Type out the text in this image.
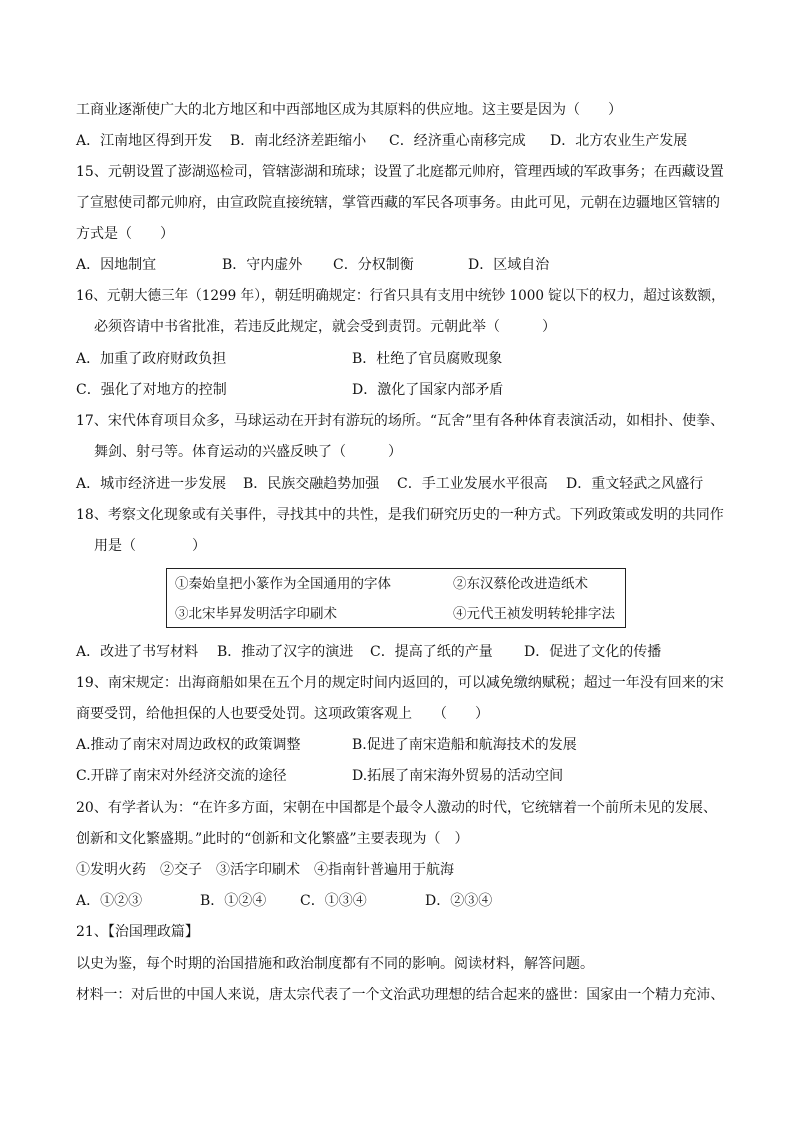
工商业逐渐使广大的北方地区和中西部地区成为其原料的供应地。这主要是因为（　　）
A．江南地区得到开发 B．南北经济差距缩小 C．经济重心南移完成 D．北方农业生产发展
15、元朝设置了澎湖巡检司，管辖澎湖和琉球；设置了北庭都元帅府，管理西域的军政事务；在西藏设置
了宣慰使司都元帅府，由宣政院直接统辖，掌管西藏的军民各项事务。由此可见，元朝在边疆地区管辖的
方式是（　　）
A．因地制宜	B．守内虚外 C．分权制衡	D．区域自治
16、元朝大德三年（1299 年），朝廷明确规定：行省只具有支用中统钞 1000 锭以下的权力，超过该数额，
必须咨请中书省批准，若违反此规定，就会受到责罚。元朝此举（　　　）
A．加重了政府财政负担	B．杜绝了官员腐败现象
C．强化了对地方的控制	D．激化了国家内部矛盾
17、宋代体育项目众多，马球运动在开封有游玩的场所。“瓦舍”里有各种体育表演活动，如相扑、使拳、
舞剑、射弓等。体育运动的兴盛反映了（　　　）
A．城市经济进一步发展 B．民族交融趋势加强 C．手工业发展水平很高 D．重文轻武之风盛行
18、考察文化现象或有关事件，寻找其中的共性，是我们研究历史的一种方式。下列政策或发明的共同作
用是（　　　　）
①秦始皇把小篆作为全国通用的字体	②东汉蔡伦改进造纸术
③北宋毕昇发明活字印刷术	④元代王祯发明转轮排字法
A．改进了书写材料 B．推动了汉字的演进 C．提高了纸的产量 D．促进了文化的传播
19、南宋规定：出海商船如果在五个月的规定时间内返回的，可以减免缴纳赋税；超过一年没有回来的宋
商要受罚，给他担保的人也要受处罚。这项政策客观上　　（　　）
A.推动了南宋对周边政权的政策调整	B.促进了南宋造船和航海技术的发展
C.开辟了南宋对外经济交流的途径	D.拓展了南宋海外贸易的活动空间
20、有学者认为：“在许多方面，宋朝在中国都是个最令人激动的时代，它统辖着一个前所未见的发展、
创新和文化繁盛期。”此时的“创新和文化繁盛”主要表现为（　）
①发明火药　②交子　③活字印刷术　④指南针普遍用于航海
A．①②③	B．①②④ C．①③④	D．②③④
21、【治国理政篇】
以史为鉴，每个时期的治国措施和政治制度都有不同的影响。阅读材料，解答问题。
材料一：对后世的中国人来说，唐太宗代表了一个文治武功理想的结合起来的盛世：国家由一个精力充沛、
